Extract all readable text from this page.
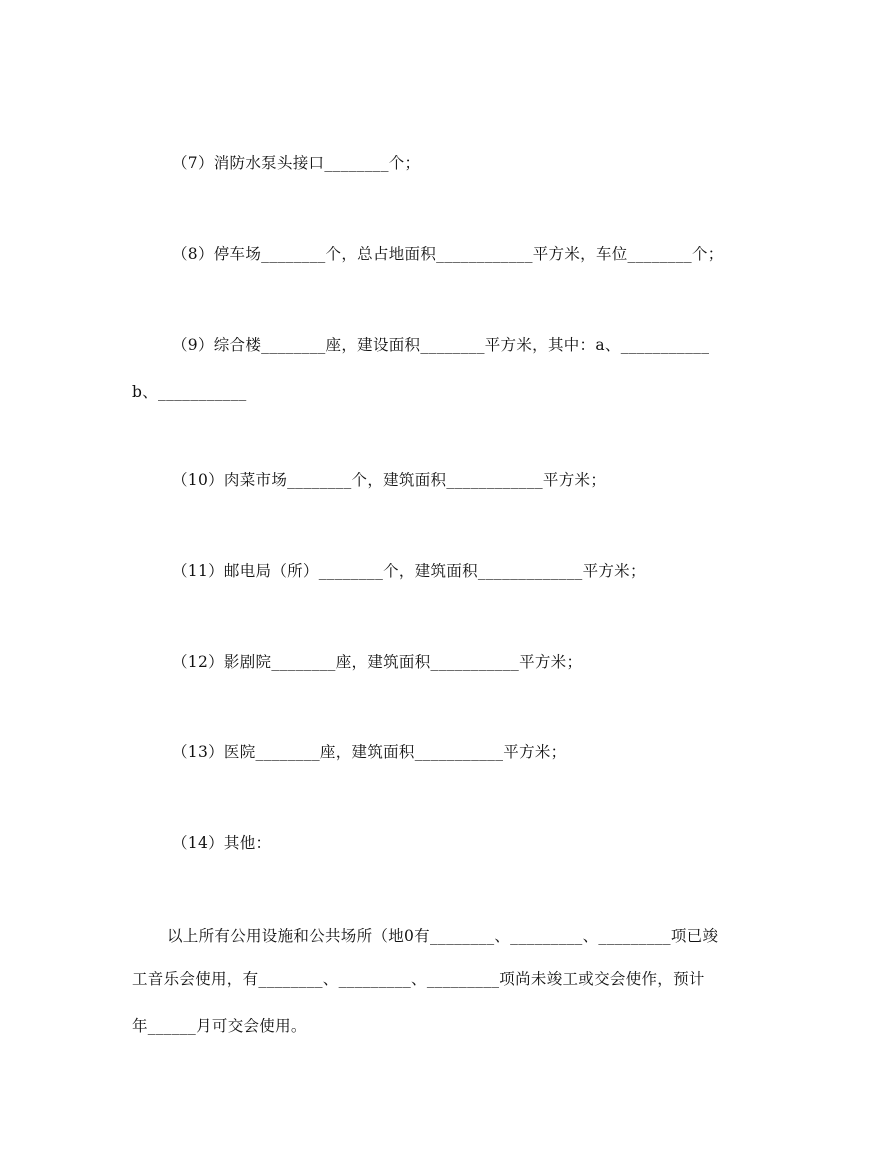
（7）消防水泵头接口________个；
（8）停车场________个，总占地面积____________平方米，车位________个；
（9）综合楼________座，建设面积________平方米，其中：a、___________
b、___________
（10）肉菜市场________个，建筑面积____________平方米；
（11）邮电局（所）________个，建筑面积_____________平方米；
（12）影剧院________座，建筑面积___________平方米；
（13）医院________座，建筑面积___________平方米；
（14）其他：
以上所有公用设施和公共场所（地0有________、_________、_________项已竣
工音乐会使用，有________、_________、_________项尚未竣工或交会使作，预计
年______月可交会使用。
